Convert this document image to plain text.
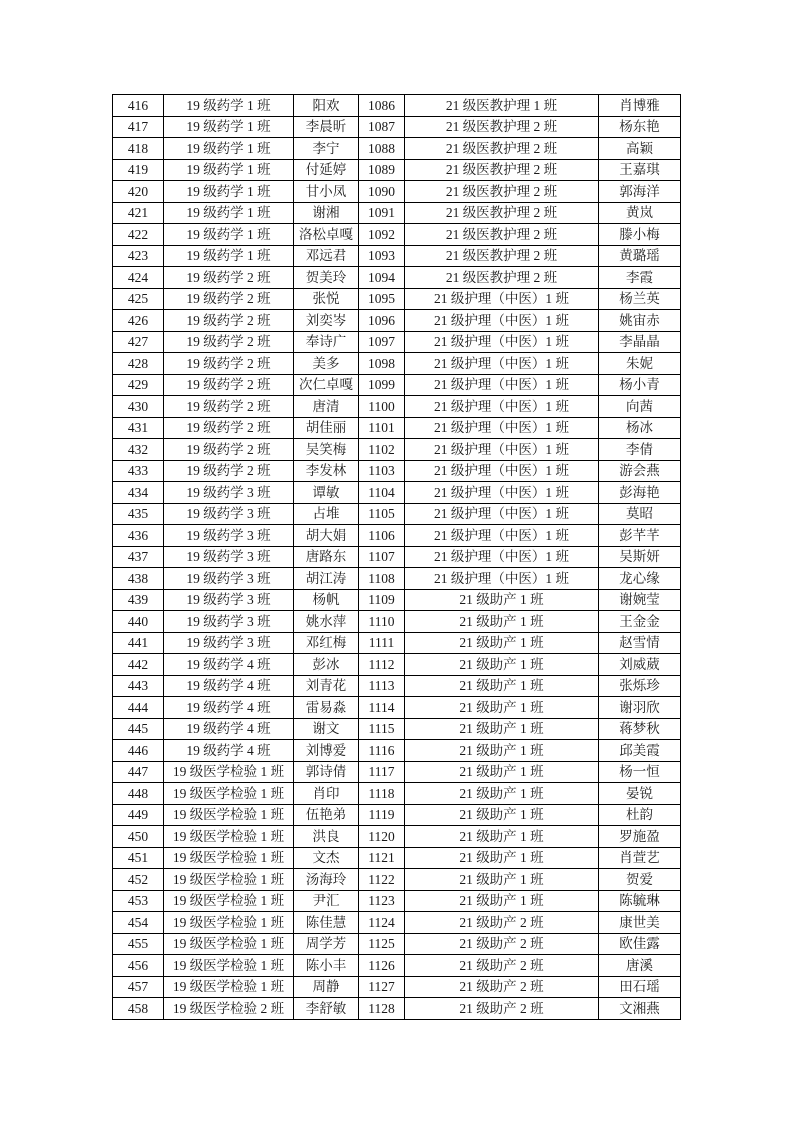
416	19 级药学 1 班	阳欢	1086	21 级医教护理 1 班	肖博雅
417	19 级药学 1 班	李晨昕	1087	21 级医教护理 2 班	杨东艳
418	19 级药学 1 班	李宁	1088	21 级医教护理 2 班	高颖
419	19 级药学 1 班	付延婷	1089	21 级医教护理 2 班	王嘉琪
420	19 级药学 1 班	甘小凤	1090	21 级医教护理 2 班	郭海洋
421	19 级药学 1 班	谢湘	1091	21 级医教护理 2 班	黄岚
422	19 级药学 1 班	洛松卓嘎	1092	21 级医教护理 2 班	滕小梅
423	19 级药学 1 班	邓远君	1093	21 级医教护理 2 班	黄璐瑶
424	19 级药学 2 班	贺美玲	1094	21 级医教护理 2 班	李霞
425	19 级药学 2 班	张悦	1095	21 级护理（中医）1 班	杨兰英
426	19 级药学 2 班	刘奕岑	1096	21 级护理（中医）1 班	姚宙赤
427	19 级药学 2 班	奉诗广	1097	21 级护理（中医）1 班	李晶晶
428	19 级药学 2 班	美多	1098	21 级护理（中医）1 班	朱妮
429	19 级药学 2 班	次仁卓嘎	1099	21 级护理（中医）1 班	杨小青
430	19 级药学 2 班	唐清	1100	21 级护理（中医）1 班	向茜
431	19 级药学 2 班	胡佳丽	1101	21 级护理（中医）1 班	杨冰
432	19 级药学 2 班	吴笑梅	1102	21 级护理（中医）1 班	李倩
433	19 级药学 2 班	李发林	1103	21 级护理（中医）1 班	游会燕
434	19 级药学 3 班	谭敏	1104	21 级护理（中医）1 班	彭海艳
435	19 级药学 3 班	占堆	1105	21 级护理（中医）1 班	莫昭
436	19 级药学 3 班	胡大娟	1106	21 级护理（中医）1 班	彭芊芊
437	19 级药学 3 班	唐路东	1107	21 级护理（中医）1 班	吴斯妍
438	19 级药学 3 班	胡江涛	1108	21 级护理（中医）1 班	龙心缘
439	19 级药学 3 班	杨帆	1109	21 级助产 1 班	谢婉莹
440	19 级药学 3 班	姚水萍	1110	21 级助产 1 班	王金金
441	19 级药学 3 班	邓红梅	1111	21 级助产 1 班	赵雪情
442	19 级药学 4 班	彭冰	1112	21 级助产 1 班	刘威葳
443	19 级药学 4 班	刘青花	1113	21 级助产 1 班	张烁珍
444	19 级药学 4 班	雷易淼	1114	21 级助产 1 班	谢羽欣
445	19 级药学 4 班	谢文	1115	21 级助产 1 班	蒋梦秋
446	19 级药学 4 班	刘博爱	1116	21 级助产 1 班	邱美霞
447	19 级医学检验 1 班	郭诗倩	1117	21 级助产 1 班	杨一恒
448	19 级医学检验 1 班	肖印	1118	21 级助产 1 班	晏锐
449	19 级医学检验 1 班	伍艳弟	1119	21 级助产 1 班	杜韵
450	19 级医学检验 1 班	洪良	1120	21 级助产 1 班	罗施盈
451	19 级医学检验 1 班	文杰	1121	21 级助产 1 班	肖萱艺
452	19 级医学检验 1 班	汤海玲	1122	21 级助产 1 班	贺爱
453	19 级医学检验 1 班	尹汇	1123	21 级助产 1 班	陈毓琳
454	19 级医学检验 1 班	陈佳慧	1124	21 级助产 2 班	康世美
455	19 级医学检验 1 班	周学芳	1125	21 级助产 2 班	欧佳露
456	19 级医学检验 1 班	陈小丰	1126	21 级助产 2 班	唐溪
457	19 级医学检验 1 班	周静	1127	21 级助产 2 班	田石瑶
458	19 级医学检验 2 班	李舒敏	1128	21 级助产 2 班	文湘燕
